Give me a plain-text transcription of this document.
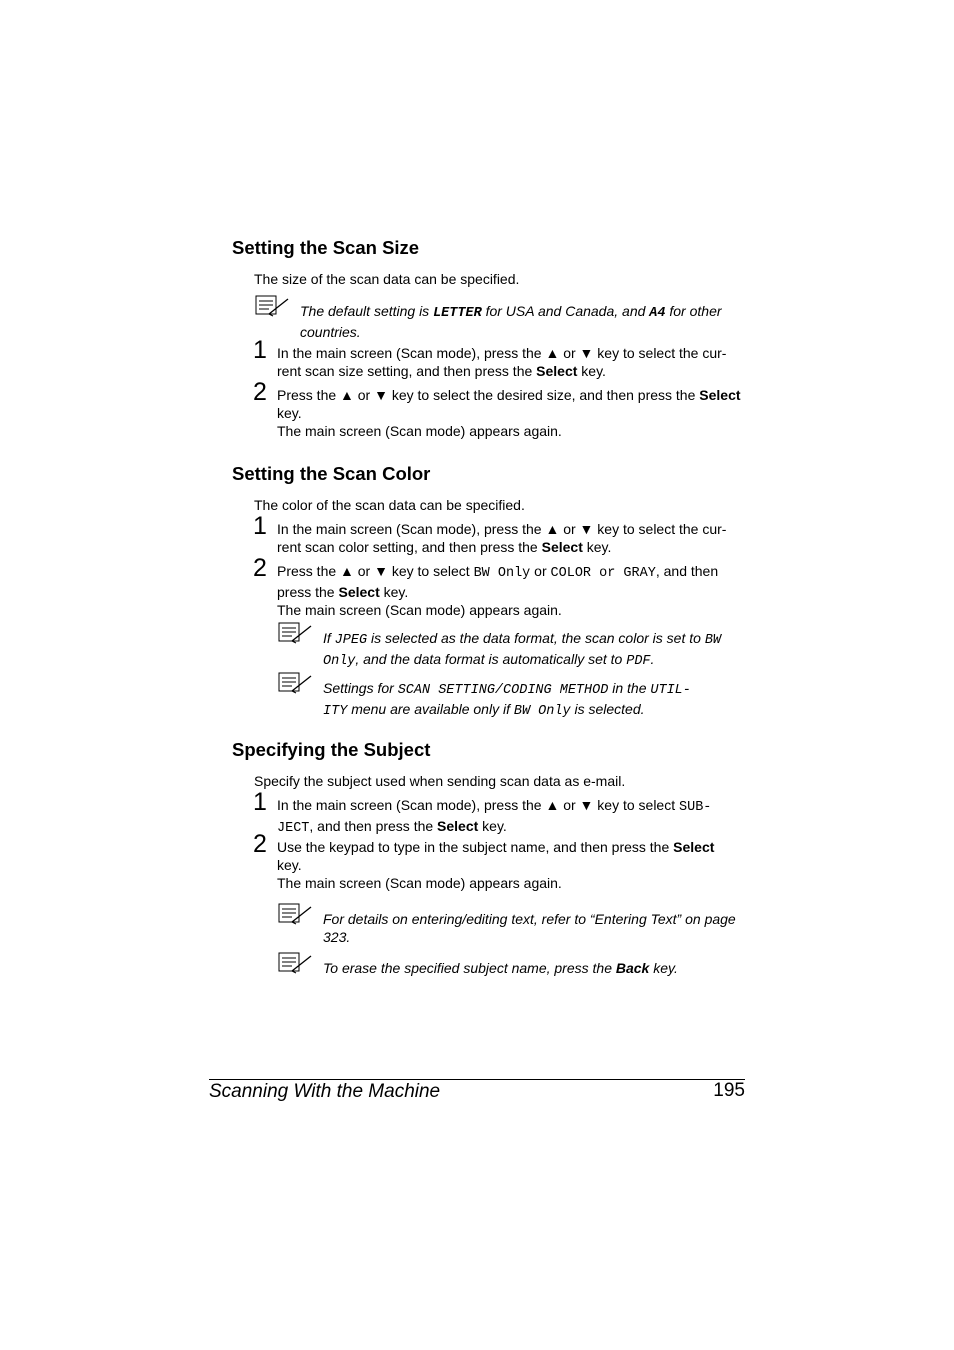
Setting the Scan Size
The size of the scan data can be specified.
The default setting is LETTER for USA and Canada, and A4 for other
countries.
1 In the main screen (Scan mode), press the ▲ or ▼ key to select the cur-
rent scan size setting, and then press the Select key.
2 Press the ▲ or ▼ key to select the desired size, and then press the Select
key.
The main screen (Scan mode) appears again.
Setting the Scan Color
The color of the scan data can be specified.
1 In the main screen (Scan mode), press the ▲ or ▼ key to select the cur-
rent scan color setting, and then press the Select key.
2 Press the ▲ or ▼ key to select BW Only or COLOR or GRAY, and then
press the Select key.
The main screen (Scan mode) appears again.
If JPEG is selected as the data format, the scan color is set to BW
Only, and the data format is automatically set to PDF.
Settings for SCAN SETTING/CODING METHOD in the UTIL-
ITY menu are available only if BW Only is selected.
Specifying the Subject
Specify the subject used when sending scan data as e-mail.
1 In the main screen (Scan mode), press the ▲ or ▼ key to select SUB-
JECT, and then press the Select key.
2 Use the keypad to type in the subject name, and then press the Select
key.
The main screen (Scan mode) appears again.
For details on entering/editing text, refer to “Entering Text” on page
323.
To erase the specified subject name, press the Back key.
Scanning With the Machine	195
